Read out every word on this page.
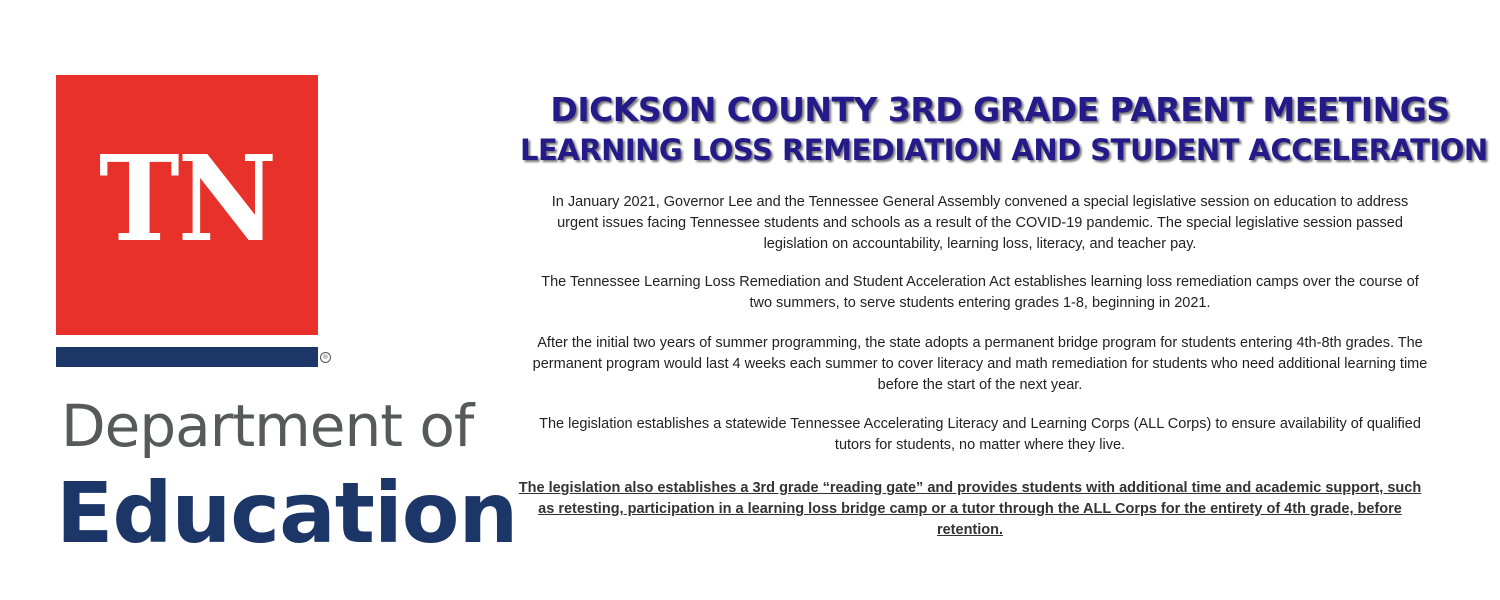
TN
®
Department of
Education
DICKSON COUNTY 3RD GRADE PARENT MEETINGS
LEARNING LOSS REMEDIATION AND STUDENT ACCELERATION

In January 2021, Governor Lee and the Tennessee General Assembly convened a special legislative session on education to address urgent issues facing Tennessee students and schools as a result of the COVID-19 pandemic. The special legislative session passed legislation on accountability, learning loss, literacy, and teacher pay.

The Tennessee Learning Loss Remediation and Student Acceleration Act establishes learning loss remediation camps over the course of two summers, to serve students entering grades 1-8, beginning in 2021.

After the initial two years of summer programming, the state adopts a permanent bridge program for students entering 4th-8th grades. The permanent program would last 4 weeks each summer to cover literacy and math remediation for students who need additional learning time before the start of the next year.

The legislation establishes a statewide Tennessee Accelerating Literacy and Learning Corps (ALL Corps) to ensure availability of qualified tutors for students, no matter where they live.

The legislation also establishes a 3rd grade “reading gate” and provides students with additional time and academic support, such as retesting, participation in a learning loss bridge camp or a tutor through the ALL Corps for the entirety of 4th grade, before retention.
